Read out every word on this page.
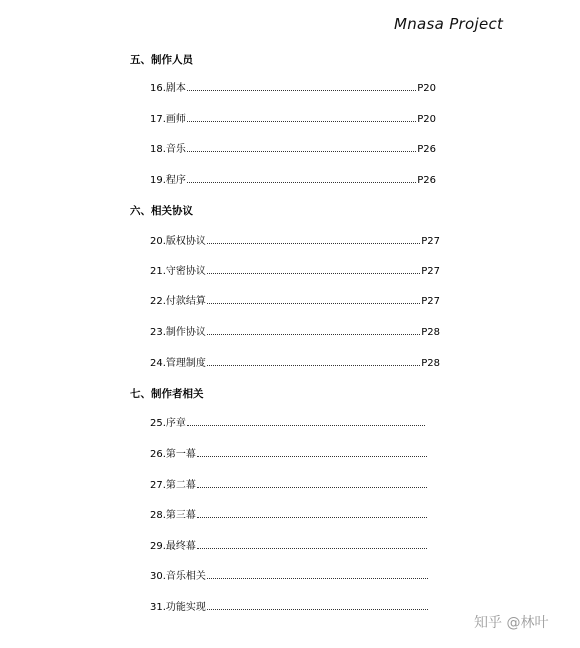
Mnasa Project
五、制作人员
16.剧本	P20
17.画师	P20
18.音乐	P26
19.程序	P26
六、相关协议
20.版权协议	P27
21.守密协议	P27
22.付款结算	P27
23.制作协议	P28
24.管理制度	P28
七、制作者相关
25.序章
26.第一幕
27.第二幕
28.第三幕
29.最终幕
30.音乐相关
31.功能实现
知乎 @林叶
